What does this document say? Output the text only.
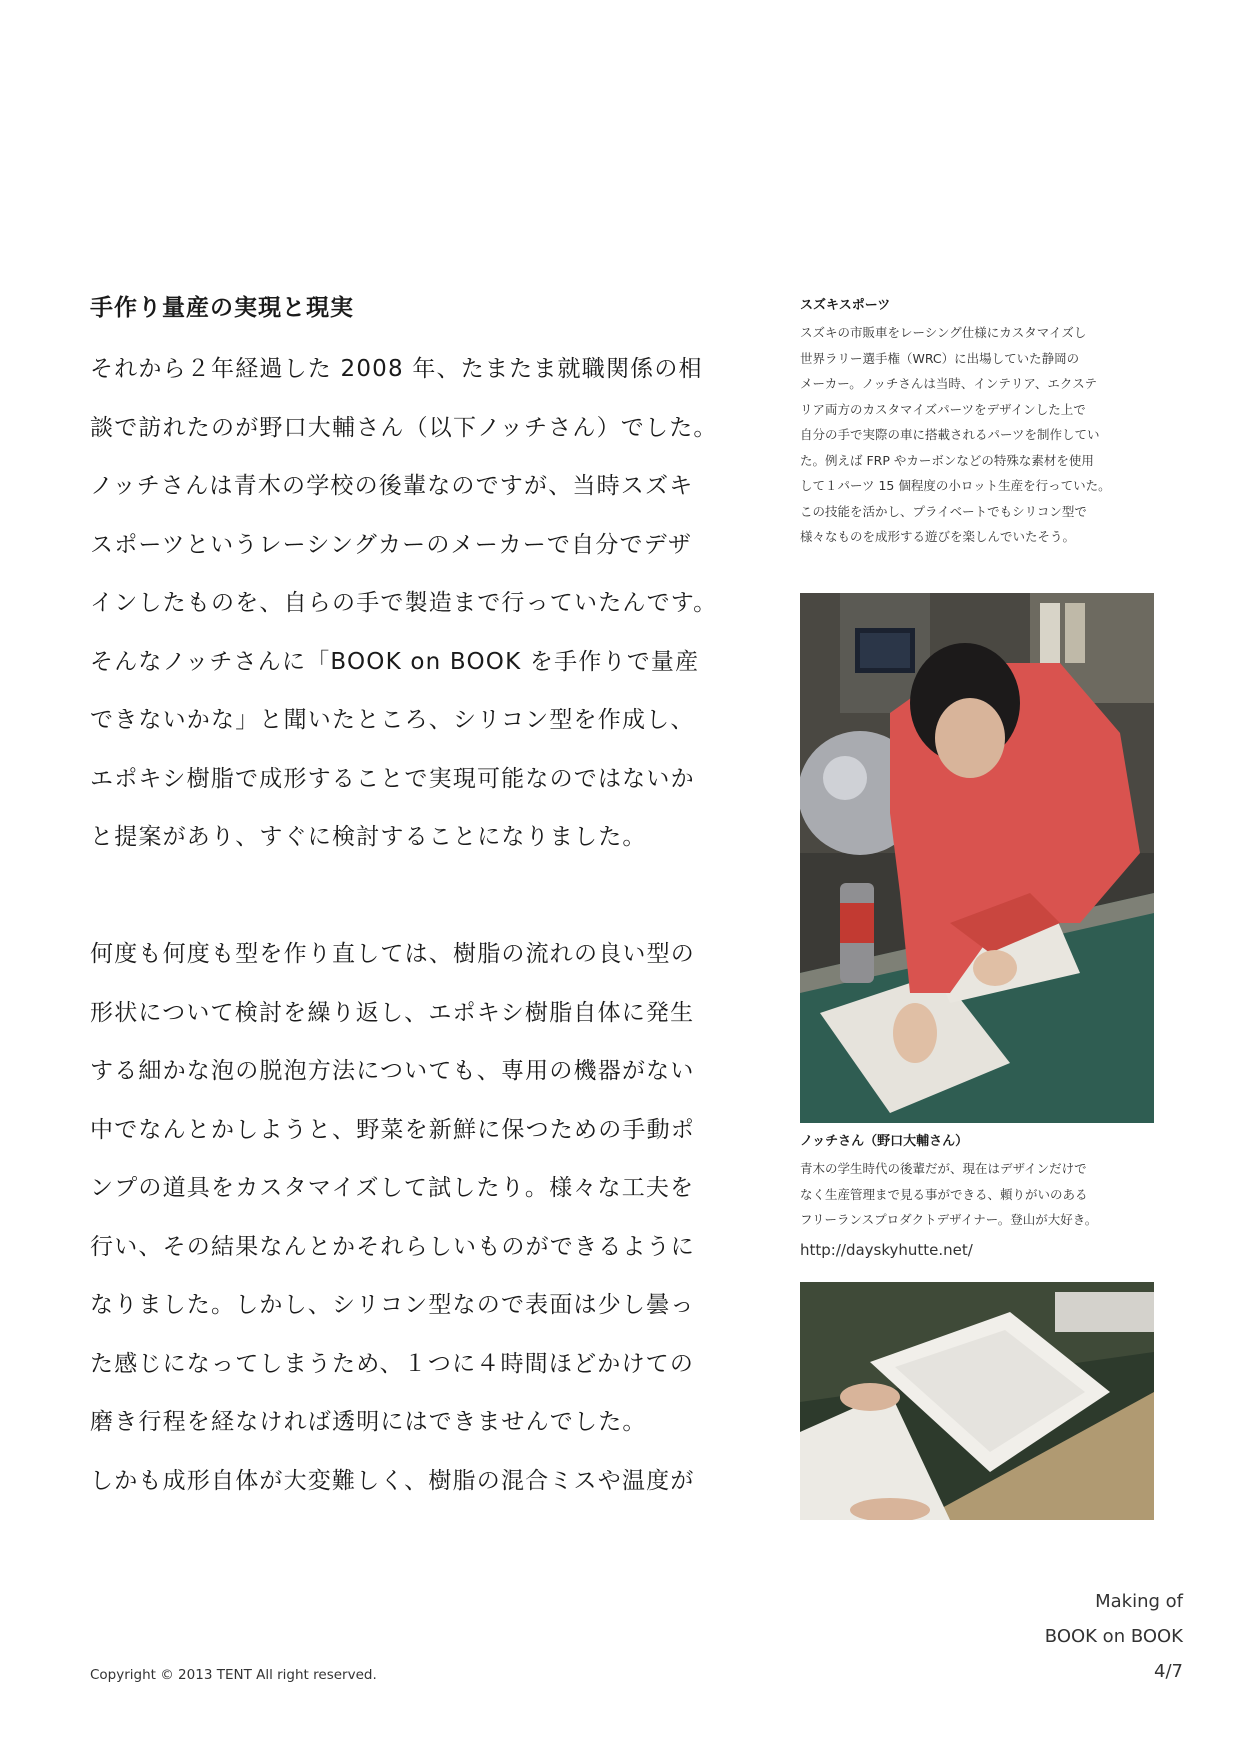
手作り量産の実現と現実

それから２年経過した 2008 年、たまたま就職関係の相

談で訪れたのが野口大輔さん（以下ノッチさん）でした。

ノッチさんは青木の学校の後輩なのですが、当時スズキ

スポーツというレーシングカーのメーカーで自分でデザ

インしたものを、自らの手で製造まで行っていたんです。

そんなノッチさんに「BOOK on BOOK を手作りで量産

できないかな」と聞いたところ、シリコン型を作成し、

エポキシ樹脂で成形することで実現可能なのではないか

と提案があり、すぐに検討することになりました。

何度も何度も型を作り直しては、樹脂の流れの良い型の

形状について検討を繰り返し、エポキシ樹脂自体に発生

する細かな泡の脱泡方法についても、専用の機器がない

中でなんとかしようと、野菜を新鮮に保つための手動ポ

ンプの道具をカスタマイズして試したり。様々な工夫を

行い、その結果なんとかそれらしいものができるように

なりました。しかし、シリコン型なので表面は少し曇っ

た感じになってしまうため、１つに４時間ほどかけての

磨き行程を経なければ透明にはできませんでした。

しかも成形自体が大変難しく、樹脂の混合ミスや温度が

スズキスポーツ

スズキの市販車をレーシング仕様にカスタマイズし

世界ラリー選手権（WRC）に出場していた静岡の

メーカー。ノッチさんは当時、インテリア、エクステ

リア両方のカスタマイズパーツをデザインした上で

自分の手で実際の車に搭載されるパーツを制作してい

た。例えば FRP やカーボンなどの特殊な素材を使用

して１パーツ 15 個程度の小ロット生産を行っていた。

この技能を活かし、プライベートでもシリコン型で

様々なものを成形する遊びを楽しんでいたそう。

ノッチさん（野口大輔さん）

青木の学生時代の後輩だが、現在はデザインだけで

なく生産管理まで見る事ができる、頼りがいのある

フリーランスプロダクトデザイナー。登山が大好き。

http://dayskyhutte.net/
Making of
BOOK on BOOK
4/7
Copyright © 2013 TENT All right reserved.
